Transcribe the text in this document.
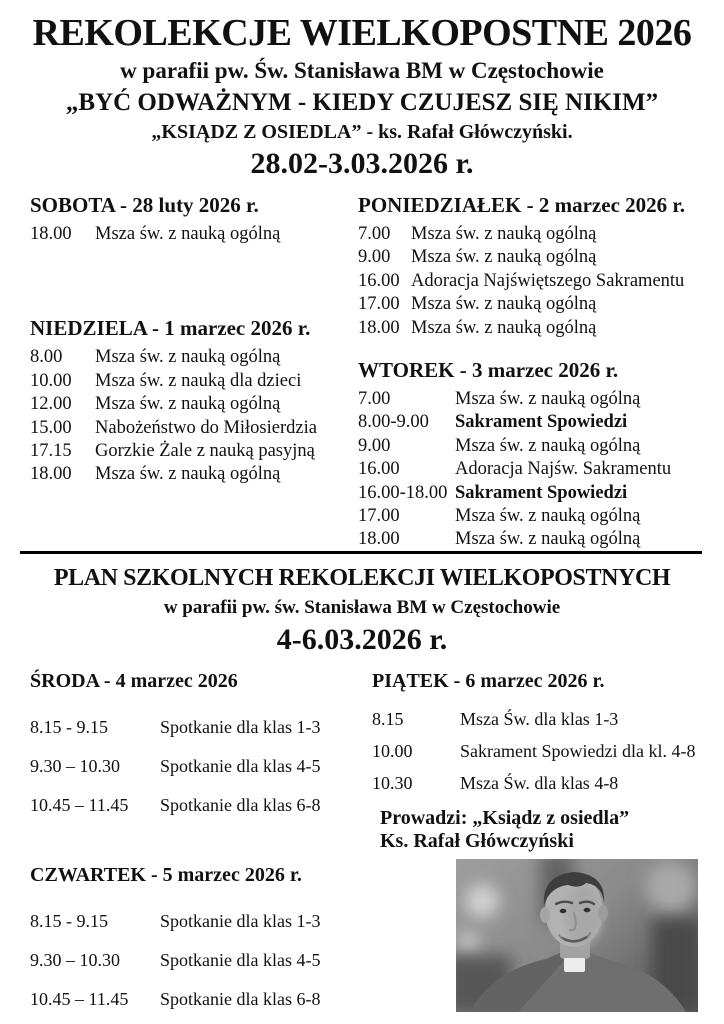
REKOLEKCJE WIELKOPOSTNE 2026
w parafii pw. Św. Stanisława BM w Częstochowie
„BYĆ ODWAŻNYM - KIEDY CZUJESZ SIĘ NIKIM”
„KSIĄDZ Z OSIEDLA” - ks. Rafał Główczyński.
28.02-3.03.2026 r.
SOBOTA - 28 luty 2026 r.
18.00	Msza św. z nauką ogólną
NIEDZIELA - 1 marzec 2026 r.
8.00	Msza św. z nauką ogólną
10.00	Msza św. z nauką dla dzieci
12.00	Msza św. z nauką ogólną
15.00	Nabożeństwo do Miłosierdzia
17.15	Gorzkie Żale z nauką pasyjną
18.00	Msza św. z nauką ogólną
PONIEDZIAŁEK - 2 marzec 2026 r.
7.00	Msza św. z nauką ogólną
9.00	Msza św. z nauką ogólną
16.00 Adoracja Najświętszego Sakramentu
17.00 Msza św. z nauką ogólną
18.00 Msza św. z nauką ogólną
WTOREK - 3 marzec 2026 r.
7.00	Msza św. z nauką ogólną
8.00-9.00	Sakrament Spowiedzi
9.00	Msza św. z nauką ogólną
16.00	Adoracja Najśw. Sakramentu
16.00-18.00 Sakrament Spowiedzi
17.00	Msza św. z nauką ogólną
18.00	Msza św. z nauką ogólną
PLAN SZKOLNYCH REKOLEKCJI WIELKOPOSTNYCH
w parafii pw. św. Stanisława BM w Częstochowie
4-6.03.2026 r.
ŚRODA - 4 marzec 2026
8.15 - 9.15	Spotkanie dla klas 1-3
9.30 – 10.30	Spotkanie dla klas 4-5
10.45 – 11.45	Spotkanie dla klas 6-8
CZWARTEK - 5 marzec 2026 r.
8.15 - 9.15	Spotkanie dla klas 1-3
9.30 – 10.30	Spotkanie dla klas 4-5
10.45 – 11.45	Spotkanie dla klas 6-8
PIĄTEK - 6 marzec 2026 r.
8.15	Msza Św. dla klas 1-3
10.00	Sakrament Spowiedzi dla kl. 4-8
10.30	Msza Św. dla klas 4-8
Prowadzi: „Ksiądz z osiedla”
Ks. Rafał Główczyński
